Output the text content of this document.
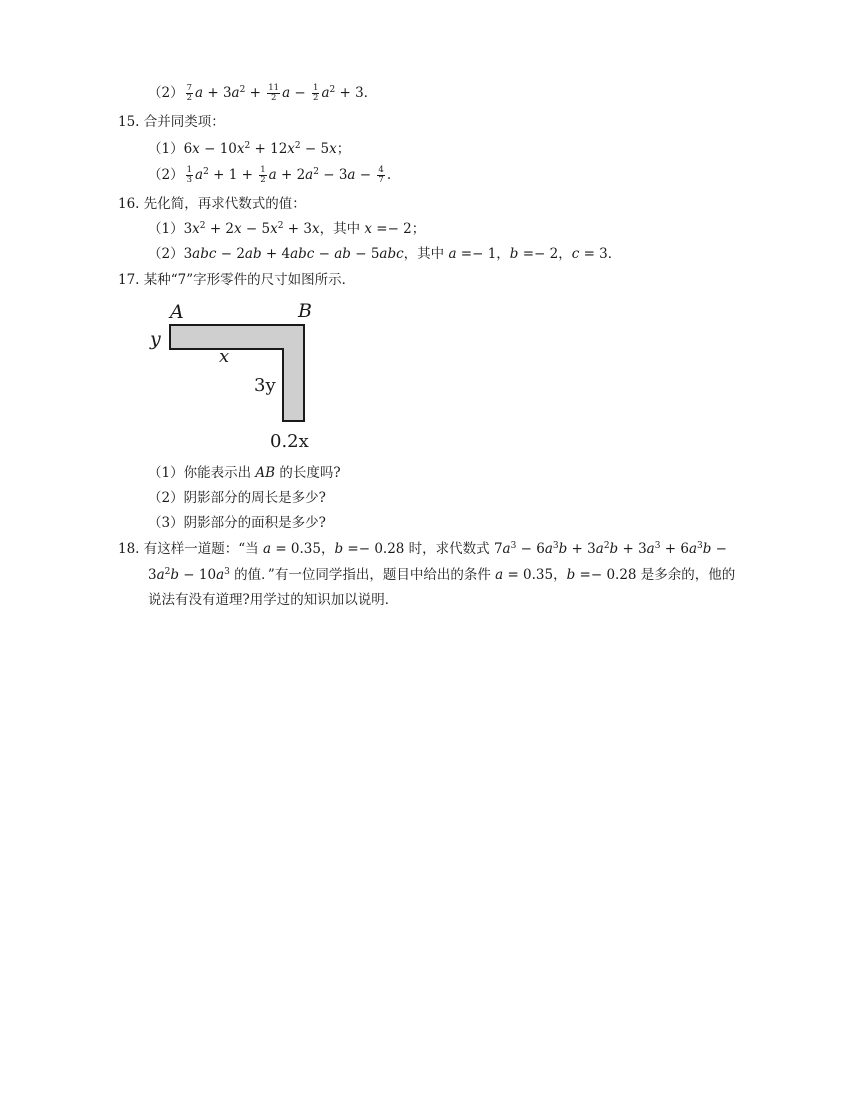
$(2) \frac{7}{2}$ 𝑎 + 3𝑎$^2$ + $\frac{11}{2}$ 𝑎 − $\frac{1}{2}$ 𝑎$^2$ + 3．
15. 合并同类项：
（1）6𝑥 − 10𝑥$^2$ + 12𝑥$^2$ − 5𝑥；
$(2) \frac{1}{3}$ 𝑎$^2$ + $1 + \frac{1}{2}$ 𝑎 + 2𝑎$^2$ − 3𝑎 − $\frac{4}{7}$ .
16. 先化简，再求代数式的值：
（1）3𝑥$^2$ + 2𝑥 − 5𝑥$^2$ + 3𝑥，其中 𝑥 =− 2；
（2）3𝑎𝑏𝑐 − 2𝑎𝑏 + 4𝑎𝑏𝑐 − 𝑎𝑏 − 5𝑎𝑏𝑐，其中 𝑎 =− 1，𝑏 =− 2，𝑐 = 3．
17. 某种“7”字形零件的尺寸如图所示．
A	B
y
x
3y
0.2x
（1）你能表示出 𝐴𝐵 的长度吗?
（2）阴影部分的周长是多少?
（3）阴影部分的面积是多少?
18. 有这样一道题：“当 𝑎 = 0.35，𝑏 =− 0.28 时，求代数式 7𝑎$^3$ − 6𝑎$^3$𝑏 + 3𝑎$^2$𝑏 + 3𝑎$^3$ + 6𝑎$^3$𝑏 −
3𝑎$^2$𝑏 − 10𝑎$^3$ 的值．”有一位同学指出，题目中给出的条件 𝑎 = 0.35，𝑏 =− 0.28 是多余的，他的
说法有没有道理?用学过的知识加以说明．
